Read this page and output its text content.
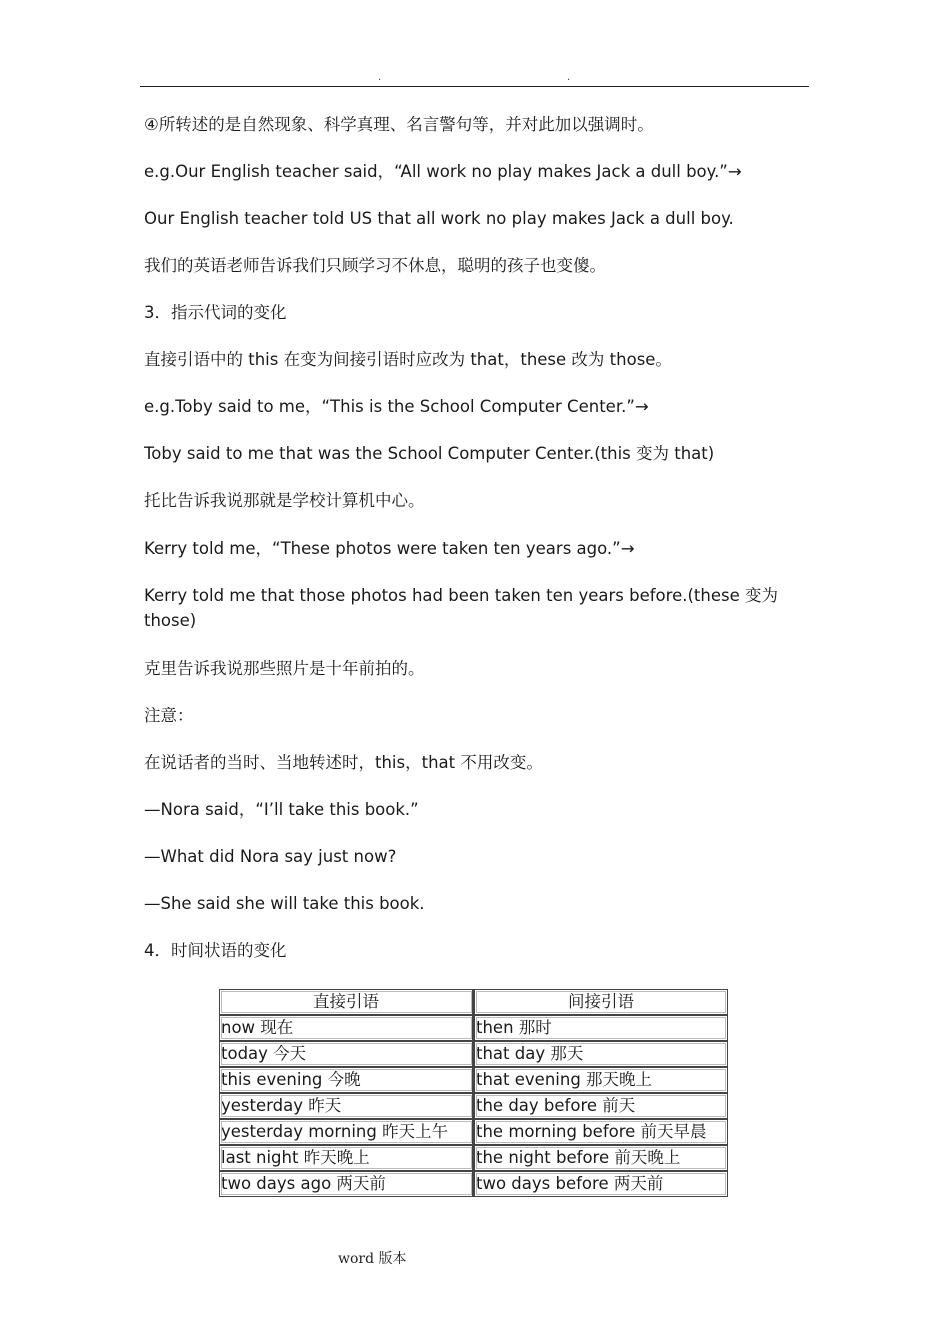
.	.

④所转述的是自然现象、科学真理、名言警句等，并对此加以强调时。

e.g.Our English teacher said，“All work no play makes Jack a dull boy.”→

Our English teacher told US that all work no play makes Jack a dull boy.

我们的英语老师告诉我们只顾学习不休息，聪明的孩子也变傻。

3．指示代词的变化

直接引语中的 this 在变为间接引语时应改为 that，these 改为 those。

e.g.Toby said to me，“This is the School Computer Center.”→

Toby said to me that was the School Computer Center.(this 变为 that)

托比告诉我说那就是学校计算机中心。

Kerry told me，“These photos were taken ten years ago.”→

Kerry told me that those photos had been taken ten years before.(these 变为 those)

克里告诉我说那些照片是十年前拍的。

注意：

在说话者的当时、当地转述时，this，that 不用改变。

—Nora said，“I’ll take this book.”

—What did Nora say just now?

—She said she will take this book.

4．时间状语的变化

直接引语	间接引语
now 现在	then 那时
today 今天	that day 那天
this evening 今晚	that evening 那天晚上
yesterday 昨天	the day before 前天
yesterday morning 昨天上午	the morning before 前天早晨
last night 昨天晚上	the night before 前天晚上
two days ago 两天前	two days before 两天前
word 版本
